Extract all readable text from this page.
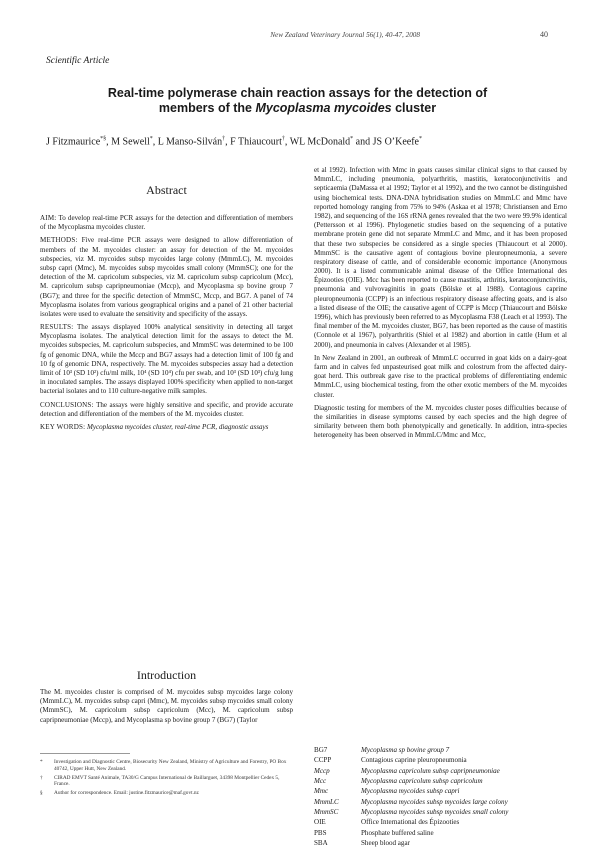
New Zealand Veterinary Journal 56(1), 40-47, 2008	40
Scientific Article
Real-time polymerase chain reaction assays for the detection of
members of the Mycoplasma mycoides cluster
J Fitzmaurice*§, M Sewell*, L Manso-Silván†, F Thiaucourt†, WL McDonald* and JS O’Keefe*
Abstract

AIM: To develop real-time PCR assays for the detection and differentiation of members of the Mycoplasma mycoides cluster.

METHODS: Five real-time PCR assays were designed to allow differentiation of members of the M. mycoides cluster: an assay for detection of the M. mycoides subspecies, viz M. mycoides subsp mycoides large colony (MmmLC), M. mycoides subsp capri (Mmc), M. mycoides subsp mycoides small colony (MmmSC); one for the detection of the M. capricolum subspecies, viz M. capricolum subsp capricolum (Mcc), M. capricolum subsp capripneumoniae (Mccp), and Mycoplasma sp bovine group 7 (BG7); and three for the specific detection of MmmSC, Mccp, and BG7. A panel of 74 Mycoplasma isolates from various geographical origins and a panel of 21 other bacterial isolates were used to evaluate the sensitivity and specificity of the assays.

RESULTS: The assays displayed 100% analytical sensitivity in detecting all target Mycoplasma isolates. The analytical detection limit for the assays to detect the M. mycoides subspecies, M. capricolum subspecies, and MmmSC was determined to be 100 fg of genomic DNA, while the Mccp and BG7 assays had a detection limit of 100 fg and 10 fg of genomic DNA, respectively. The M. mycoides subspecies assay had a detection limit of 10³ (SD 10²) cfu/ml milk, 10⁴ (SD 10⁴) cfu per swab, and 10³ (SD 10³) cfu/g lung in inoculated samples. The assays displayed 100% specificity when applied to non-target bacterial isolates and to 110 culture-negative milk samples.

CONCLUSIONS: The assays were highly sensitive and specific, and provide accurate detection and differentiation of the members of the M. mycoides cluster.

KEY WORDS: Mycoplasma mycoides cluster, real-time PCR, diagnostic assays

Introduction

The M. mycoides cluster is comprised of M. mycoides subsp mycoides large colony (MmmLC), M. mycoides subsp capri (Mmc), M. mycoides subsp mycoides small colony (MmmSC), M. capricolum subsp capricolum (Mcc), M. capricolum subsp capripneumoniae (Mccp), and Mycoplasma sp bovine group 7 (BG7) (Taylor

*	Investigation and Diagnostic Centre, Biosecurity New Zealand, Ministry of Agriculture and Forestry, PO Box 40742, Upper Hutt, New Zealand.
†	CIRAD EMVT Santé Animale, TA30/G Campus International de Baillarguet, 34398 Montpellier Cedex 5, France.
§	Author for correspondence. Email: justine.fitzmaurice@maf.govt.nz

et al 1992). Infection with Mmc in goats causes similar clinical signs to that caused by MmmLC, including pneumonia, polyarthritis, mastitis, keratoconjunctivitis and septicaemia (DaMassa et al 1992; Taylor et al 1992), and the two cannot be distinguished using biochemical tests. DNA-DNA hybridisation studies on MmmLC and Mmc have reported homology ranging from 75% to 94% (Askaa et al 1978; Christiansen and Erno 1982), and sequencing of the 16S rRNA genes revealed that the two were 99.9% identical (Pettersson et al 1996). Phylogenetic studies based on the sequencing of a putative membrane protein gene did not separate MmmLC and Mmc, and it has been proposed that these two subspecies be considered as a single species (Thiaucourt et al 2000). MmmSC is the causative agent of contagious bovine pleuropneumonia, a severe respiratory disease of cattle, and of considerable economic importance (Anonymous 2000). It is a listed communicable animal disease of the Office International des Épizooties (OIE). Mcc has been reported to cause mastitis, arthritis, keratoconjunctivitis, pneumonia and vulvovaginitis in goats (Bölske et al 1988). Contagious caprine pleuropneumonia (CCPP) is an infectious respiratory disease affecting goats, and is also a listed disease of the OIE; the causative agent of CCPP is Mccp (Thiaucourt and Bölske 1996), which has previously been referred to as Mycoplasma F38 (Leach et al 1993). The final member of the M. mycoides cluster, BG7, has been reported as the cause of mastitis (Connole et al 1967), polyarthritis (Shiel et al 1982) and abortion in cattle (Hum et al 2000), and pneumonia in calves (Alexander et al 1985).

In New Zealand in 2001, an outbreak of MmmLC occurred in goat kids on a dairy-goat farm and in calves fed unpasteurised goat milk and colostrum from the affected dairy-goat herd. This outbreak gave rise to the practical problems of differentiating endemic MmmLC, using biochemical testing, from the other exotic members of the M. mycoides cluster.

Diagnostic testing for members of the M. mycoides cluster poses difficulties because of the similarities in disease symptoms caused by each species and the high degree of similarity between them both phenotypically and genetically. In addition, intra-species heterogeneity has been observed in MmmLC/Mmc and Mcc,

BG7	Mycoplasma sp bovine group 7
CCPP	Contagious caprine pleuropneumonia
Mccp	Mycoplasma capricolum subsp capripneumoniae
Mcc	Mycoplasma capricolum subsp capricolum
Mmc	Mycoplasma mycoides subsp capri
MmmLC	Mycoplasma mycoides subsp mycoides large colony
MmmSC	Mycoplasma mycoides subsp mycoides small colony
OIE	Office International des Épizooties
PBS	Phosphate buffered saline
SBA	Sheep blood agar
